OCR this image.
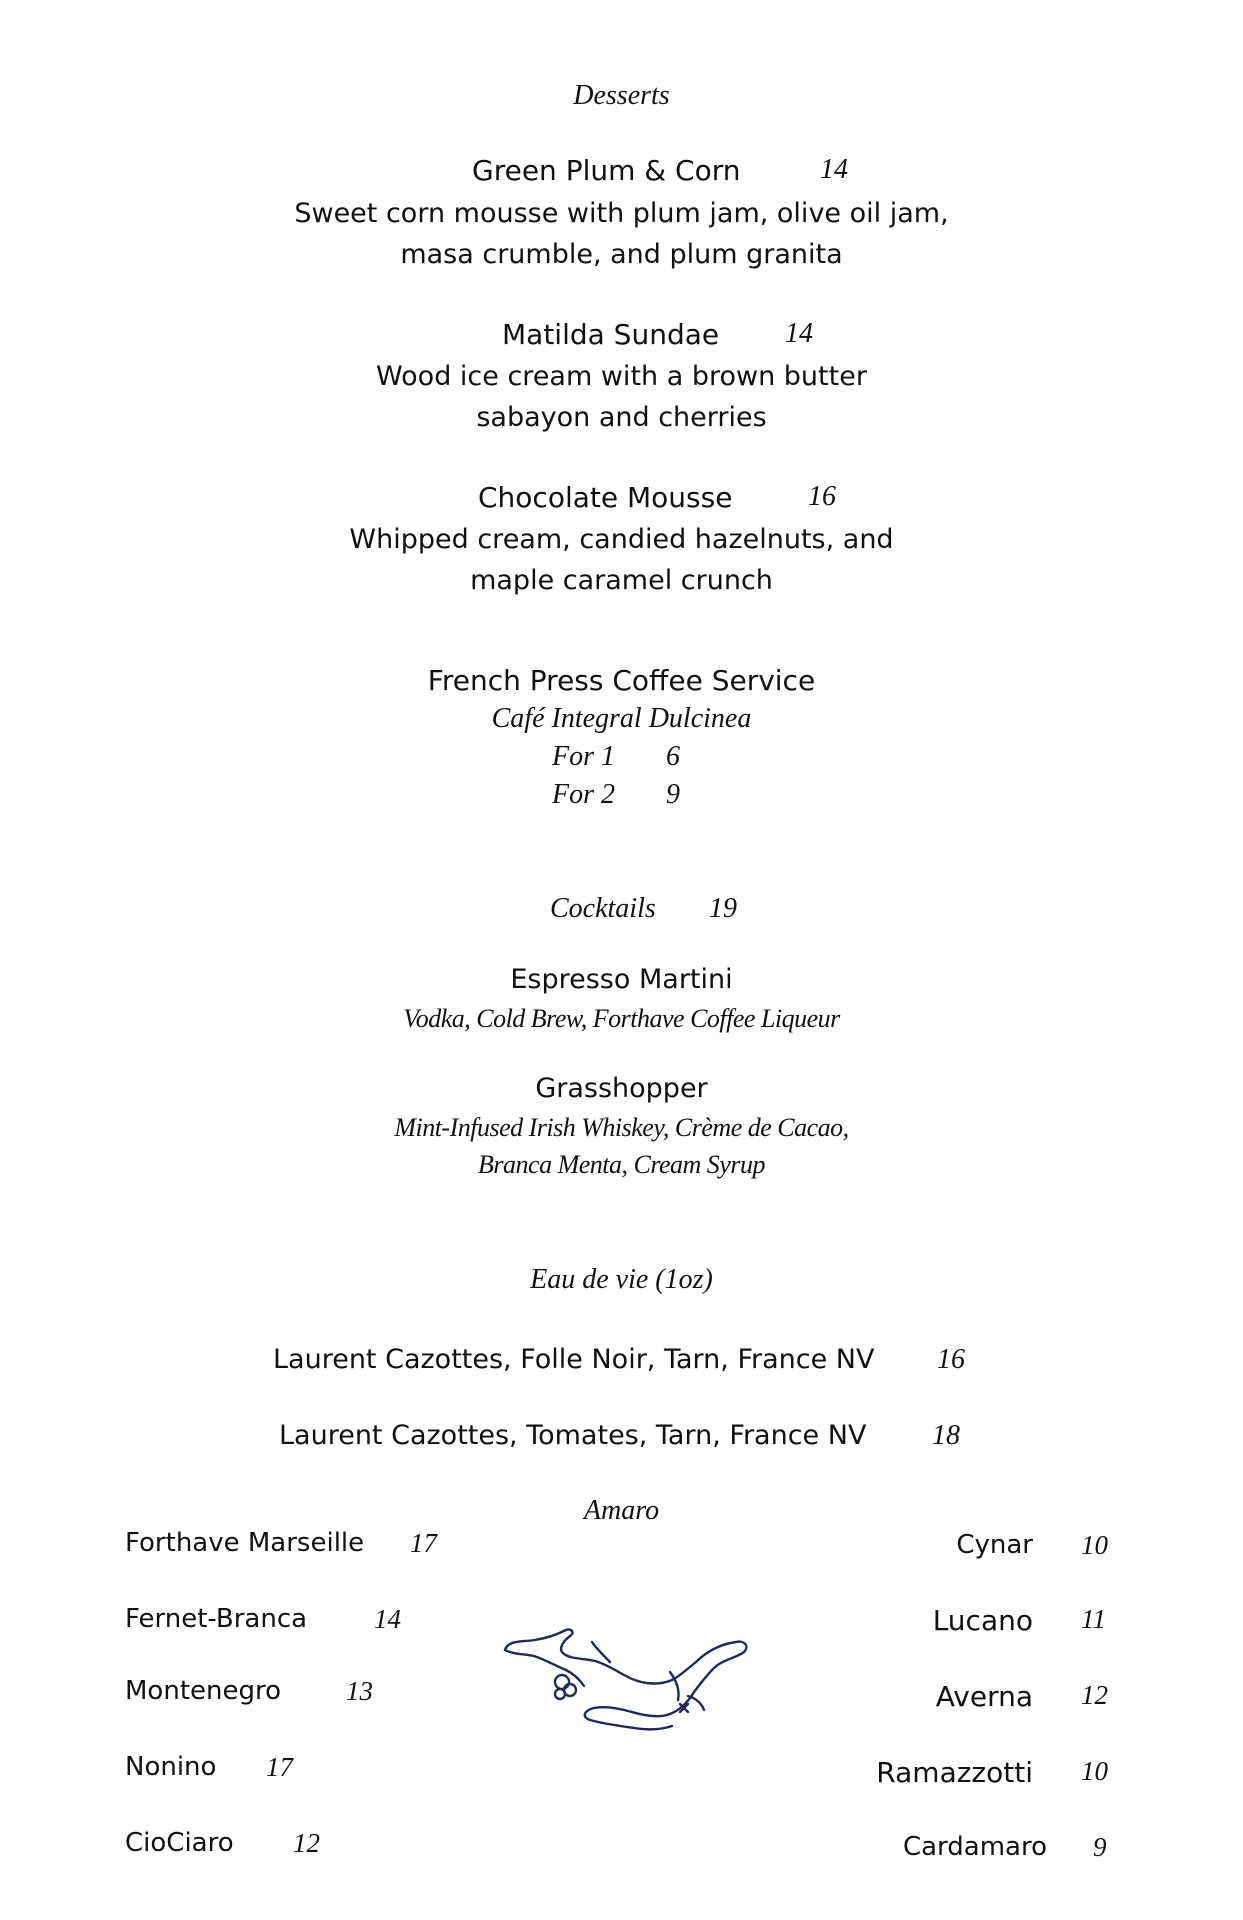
Desserts
Green Plum & Corn	14
Sweet corn mousse with plum jam, olive oil jam,
masa crumble, and plum granita
Matilda Sundae 14
Wood ice cream with a brown butter
sabayon and cherries
Chocolate Mousse	16
Whipped cream, candied hazelnuts, and
maple caramel crunch
French Press Coffee Service
Café Integral Dulcinea
For 1 6
For 2 9
Cocktails 19
Espresso Martini
Vodka, Cold Brew, Forthave Coffee Liqueur
Grasshopper
Mint-Infused Irish Whiskey, Crème de Cacao,
Branca Menta, Cream Syrup
Eau de vie (1oz)
Laurent Cazottes, Folle Noir, Tarn, France NV 16
Laurent Cazottes, Tomates, Tarn, France NV 18
Amaro
Forthave Marseille 17
Fernet-Branca 14
Montenegro 13
Nonino 17
CioCiaro 12
Cynar 10
Lucano 11
Averna 12
Ramazzotti 10
Cardamaro 9
